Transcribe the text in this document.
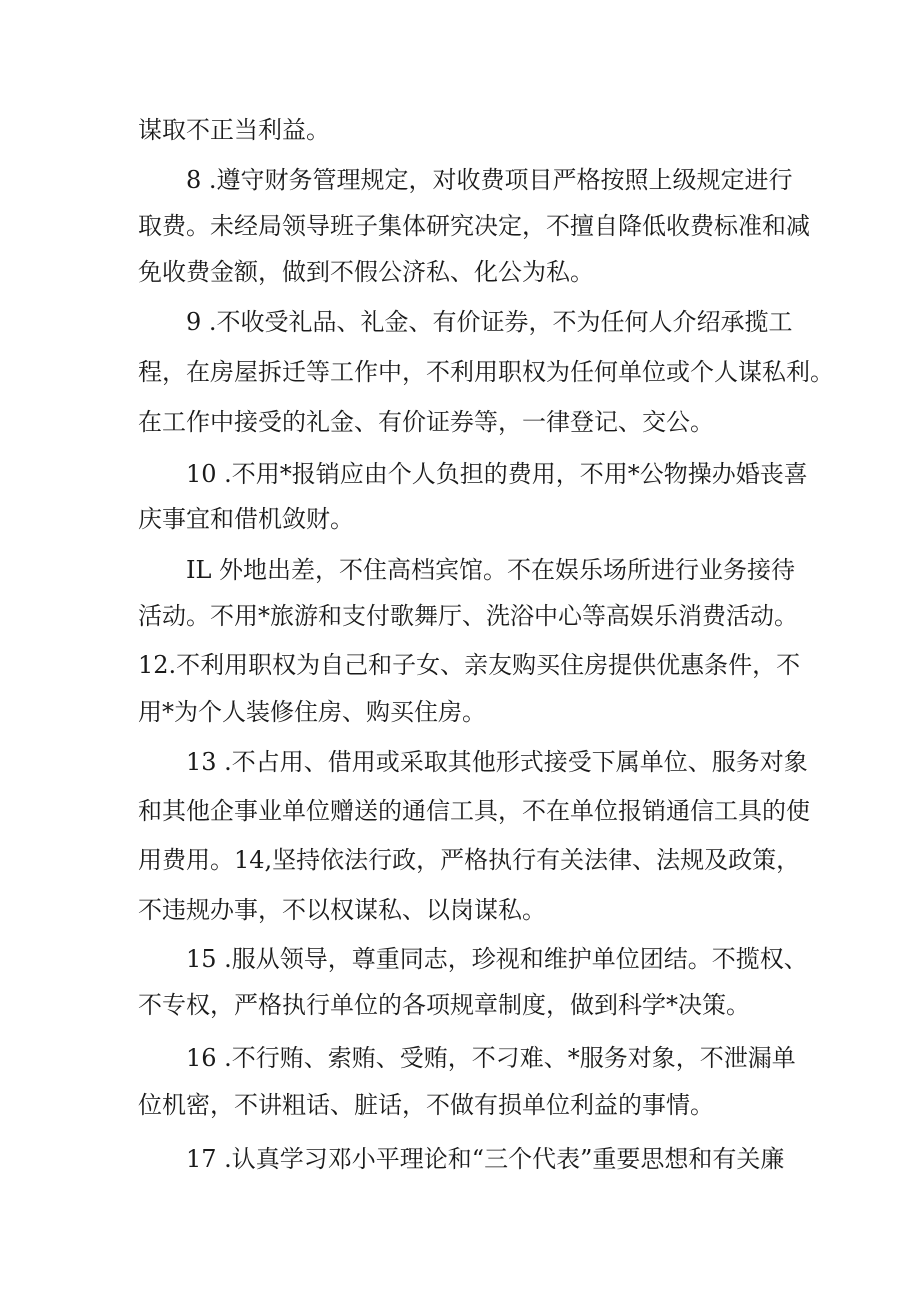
谋取不正当利益。

8 .遵守财务管理规定，对收费项目严格按照上级规定进行

取费。未经局领导班子集体研究决定，不擅自降低收费标准和减

免收费金额，做到不假公济私、化公为私。

9 .不收受礼品、礼金、有价证券，不为任何人介绍承揽工

程，在房屋拆迁等工作中，不利用职权为任何单位或个人谋私利。

在工作中接受的礼金、有价证券等，一律登记、交公。

10 .不用*报销应由个人负担的费用，不用*公物操办婚丧喜

庆事宜和借机敛财。

IL 外地出差，不住高档宾馆。不在娱乐场所进行业务接待

活动。不用*旅游和支付歌舞厅、洗浴中心等高娱乐消费活动。

12.不利用职权为自己和子女、亲友购买住房提供优惠条件，不

用*为个人装修住房、购买住房。

13 .不占用、借用或采取其他形式接受下属单位、服务对象

和其他企事业单位赠送的通信工具，不在单位报销通信工具的使

用费用。14,坚持依法行政，严格执行有关法律、法规及政策，

不违规办事，不以权谋私、以岗谋私。

15 .服从领导，尊重同志，珍视和维护单位团结。不揽权、

不专权，严格执行单位的各项规章制度，做到科学*决策。

16 .不行贿、索贿、受贿，不刁难、*服务对象，不泄漏单

位机密，不讲粗话、脏话，不做有损单位利益的事情。

17 .认真学习邓小平理论和“三个代表”重要思想和有关廉
